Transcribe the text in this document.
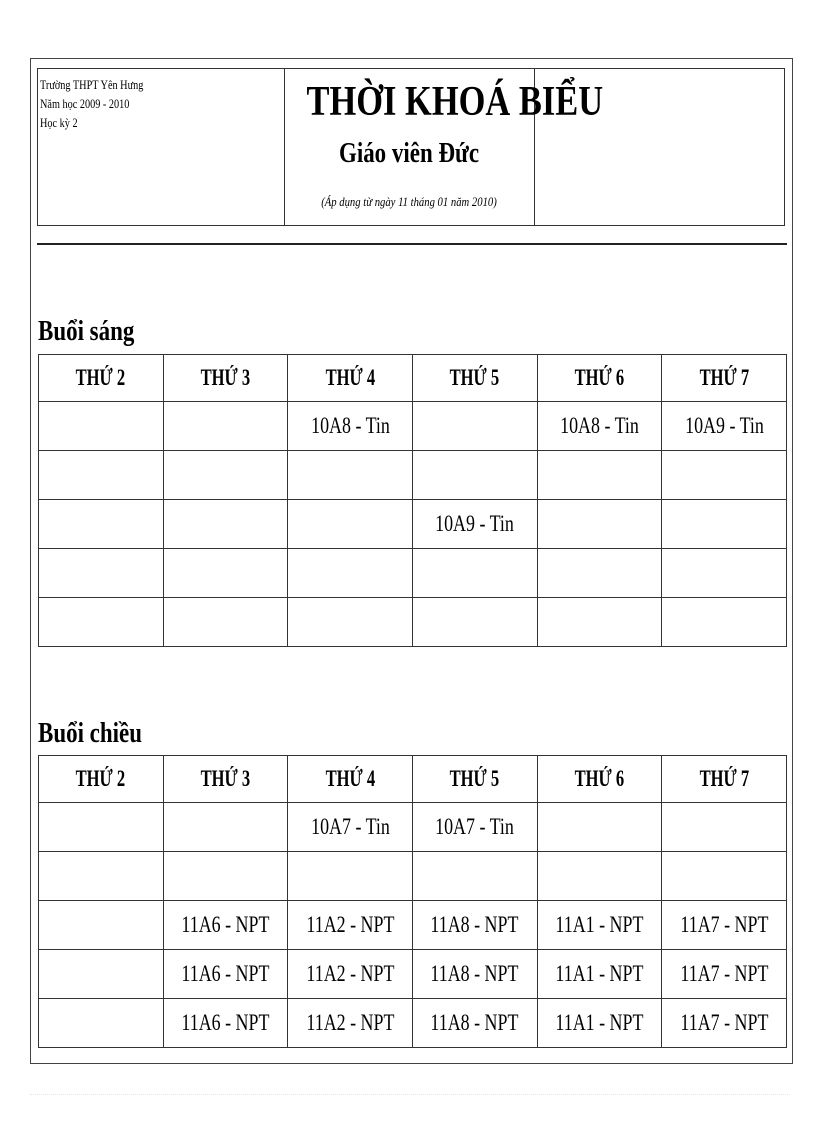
Trường THPT Yên Hưng
Năm học 2009 - 2010
Học kỳ 2	THỜI KHOÁ BIỂU
Giáo viên Đức
(Áp dụng từ ngày 11 tháng 01 năm 2010)
Buổi sáng
THỨ 2	THỨ 3	THỨ 4	THỨ 5	THỨ 6	THỨ 7
		10A8 - Tin		10A8 - Tin	10A9 - Tin

			10A9 - Tin		

Buổi chiều
THỨ 2	THỨ 3	THỨ 4	THỨ 5	THỨ 6	THỨ 7
		10A7 - Tin	10A7 - Tin		

	11A6 - NPT	11A2 - NPT	11A8 - NPT	11A1 - NPT	11A7 - NPT
	11A6 - NPT	11A2 - NPT	11A8 - NPT	11A1 - NPT	11A7 - NPT
	11A6 - NPT	11A2 - NPT	11A8 - NPT	11A1 - NPT	11A7 - NPT
